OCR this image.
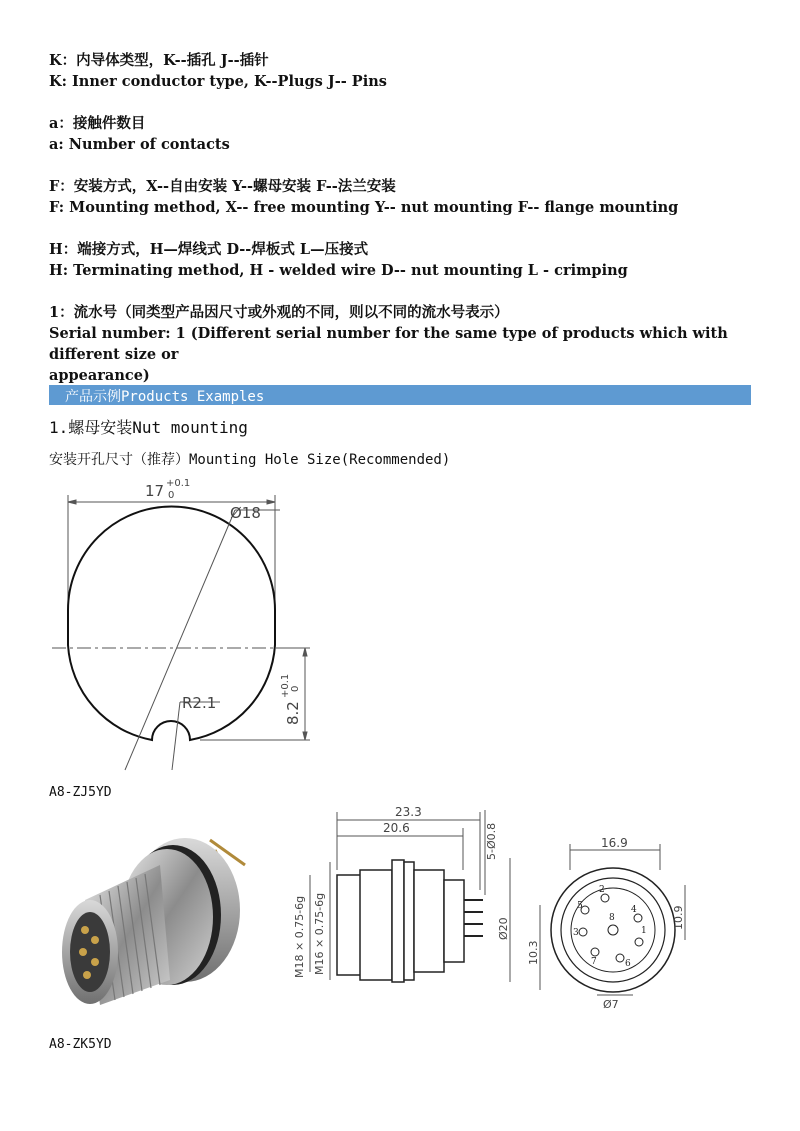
K：内导体类型，K--插孔 J--插针
K: Inner conductor type, K--Plugs J-- Pins
a：接触件数目
a: Number of contacts
F：安装方式，X--自由安装 Y--螺母安装 F--法兰安装
F: Mounting method, X-- free mounting Y-- nut mounting F-- flange mounting
H：端接方式，H—焊线式 D--焊板式 L—压接式
H: Terminating method, H - welded wire D-- nut mounting L - crimping
1：流水号（同类型产品因尺寸或外观的不同，则以不同的流水号表示）
Serial number: 1 (Different serial number for the same type of products which with different size or
appearance)
产品示例Products Examples
1.螺母安装Nut mounting
安装开孔尺寸（推荐）Mounting Hole Size(Recommended)
17 +0.1
0
Ø18
R2.1	8.2
+0.1 0
A8-ZJ5YD
23.3
20.6	5-Ø0.8
Ø20
M18 × 0.75-6g M16 × 0.75-6g	1
2
3
4
5
6
7
8
16.9
10.9
10.3
Ø7
A8-ZK5YD
